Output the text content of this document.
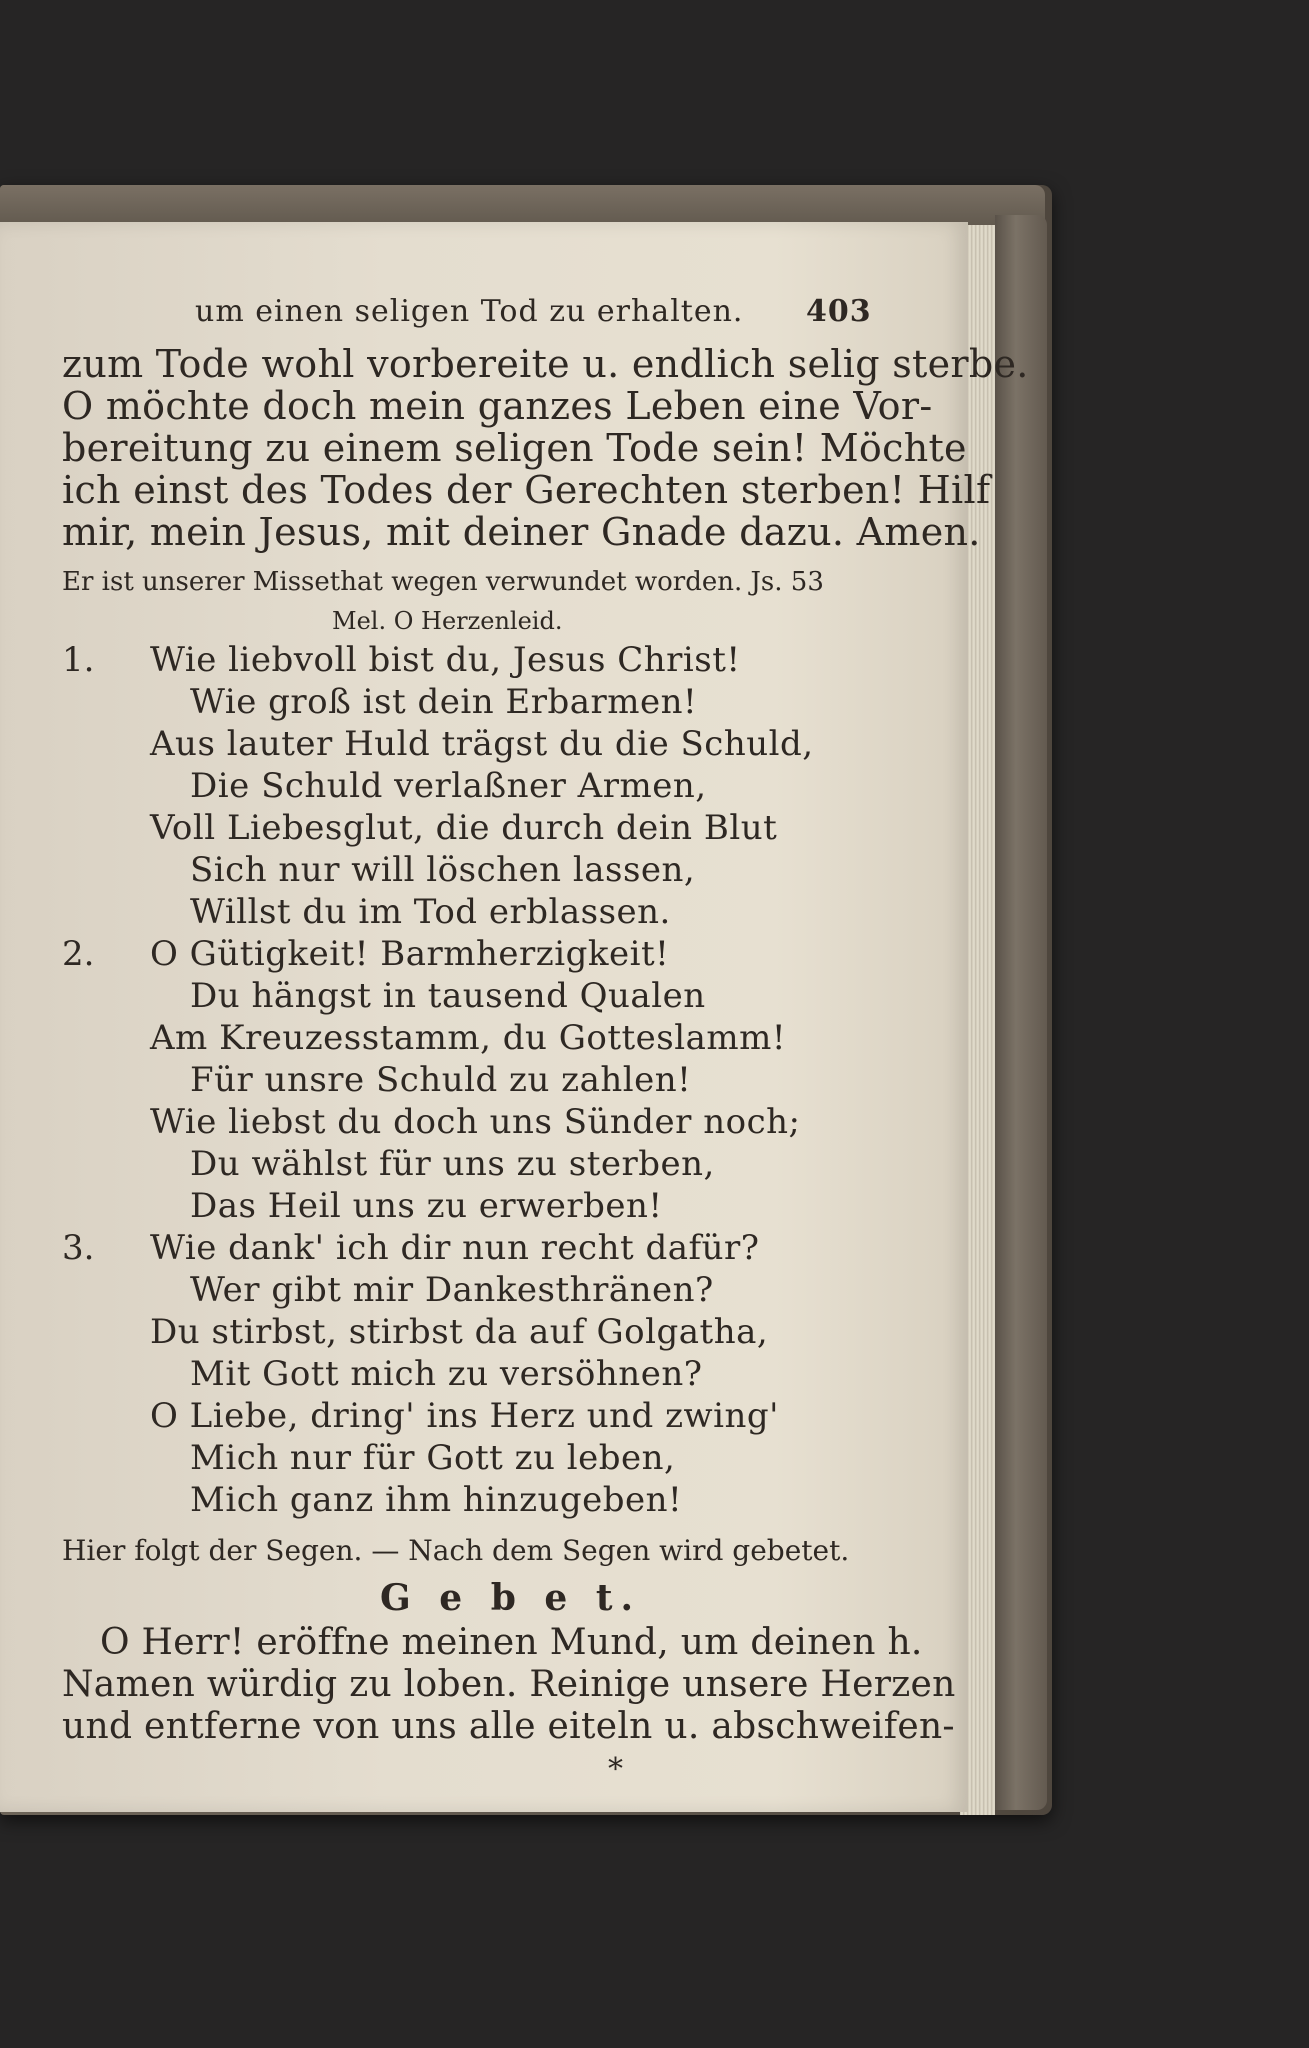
um einen seligen Tod zu erhalten. 403
zum Tode wohl vorbereite u. endlich selig sterbe.
O möchte doch mein ganzes Leben eine Vor-
bereitung zu einem seligen Tode sein! Möchte
ich einst des Todes der Gerechten sterben! Hilf
mir, mein Jesus, mit deiner Gnade dazu. Amen.
Er ist unserer Missethat wegen verwundet worden. Js. 53
Mel. O Herzenleid.
1. Wie liebvoll bist du, Jesus Christ!
Wie groß ist dein Erbarmen!
Aus lauter Huld trägst du die Schuld,
Die Schuld verlaßner Armen,
Voll Liebesglut, die durch dein Blut
Sich nur will löschen lassen,
Willst du im Tod erblassen.
2. O Gütigkeit! Barmherzigkeit!
Du hängst in tausend Qualen
Am Kreuzesstamm, du Gotteslamm!
Für unsre Schuld zu zahlen!
Wie liebst du doch uns Sünder noch;
Du wählst für uns zu sterben,
Das Heil uns zu erwerben!
3. Wie dank' ich dir nun recht dafür?
Wer gibt mir Dankesthränen?
Du stirbst, stirbst da auf Golgatha,
Mit Gott mich zu versöhnen?
O Liebe, dring' ins Herz und zwing'
Mich nur für Gott zu leben,
Mich ganz ihm hinzugeben!
Hier folgt der Segen. — Nach dem Segen wird gebetet.
G e b e t.
O Herr! eröffne meinen Mund, um deinen h.
Namen würdig zu loben. Reinige unsere Herzen
und entferne von uns alle eiteln u. abschweifen-
*
